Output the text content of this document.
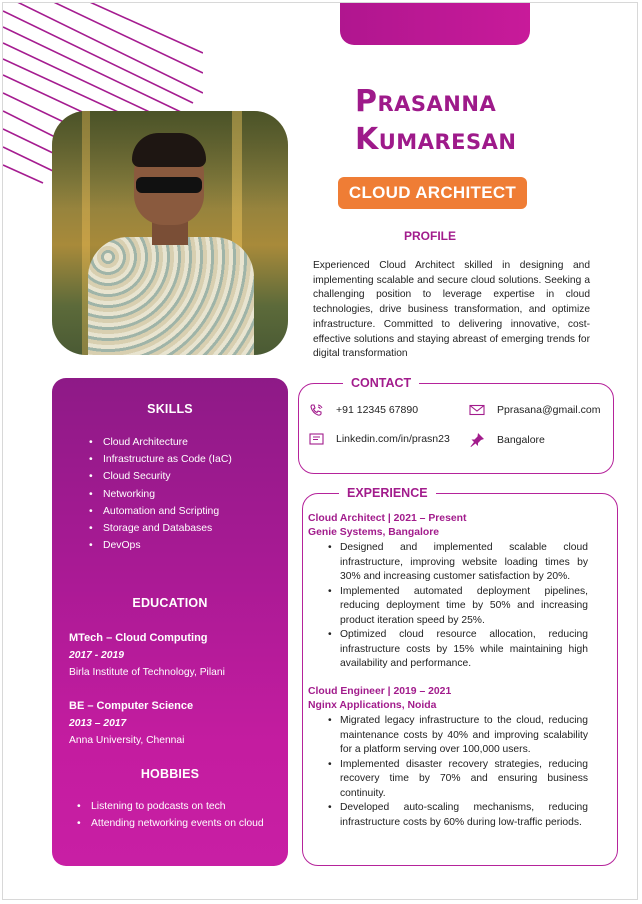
Prasanna
Kumaresan
CLOUD ARCHITECT
PROFILE

Experienced Cloud Architect skilled in designing and implementing scalable and secure cloud solutions. Seeking a challenging position to leverage expertise in cloud technologies, drive business transformation, and optimize infrastructure. Committed to delivering innovative, cost-effective solutions and staying abreast of emerging trends for digital transformation

SKILLS
• Cloud Architecture
• Infrastructure as Code (IaC)
• Cloud Security
• Networking
• Automation and Scripting
• Storage and Databases
• DevOps
EDUCATION
MTech – Cloud Computing
2017 - 2019
Birla Institute of Technology, Pilani
BE – Computer Science
2013 – 2017
Anna University, Chennai
HOBBIES
• Listening to podcasts on tech
• Attending networking events on cloud
CONTACT
+91 12345 67890	Pprasana@gmail.com
Linkedin.com/in/prasn23	Bangalore
EXPERIENCE
Cloud Architect | 2021 – Present
Genie Systems, Bangalore
• Designed and implemented scalable cloud infrastructure, improving website loading times by 30% and increasing customer satisfaction by 20%.
• Implemented automated deployment pipelines, reducing deployment time by 50% and increasing product iteration speed by 25%.
• Optimized cloud resource allocation, reducing infrastructure costs by 15% while maintaining high availability and performance.
Cloud Engineer | 2019 – 2021
Nginx Applications, Noida
• Migrated legacy infrastructure to the cloud, reducing maintenance costs by 40% and improving scalability for a platform serving over 100,000 users.
• Implemented disaster recovery strategies, reducing recovery time by 70% and ensuring business continuity.
• Developed auto-scaling mechanisms, reducing infrastructure costs by 60% during low-traffic periods.
